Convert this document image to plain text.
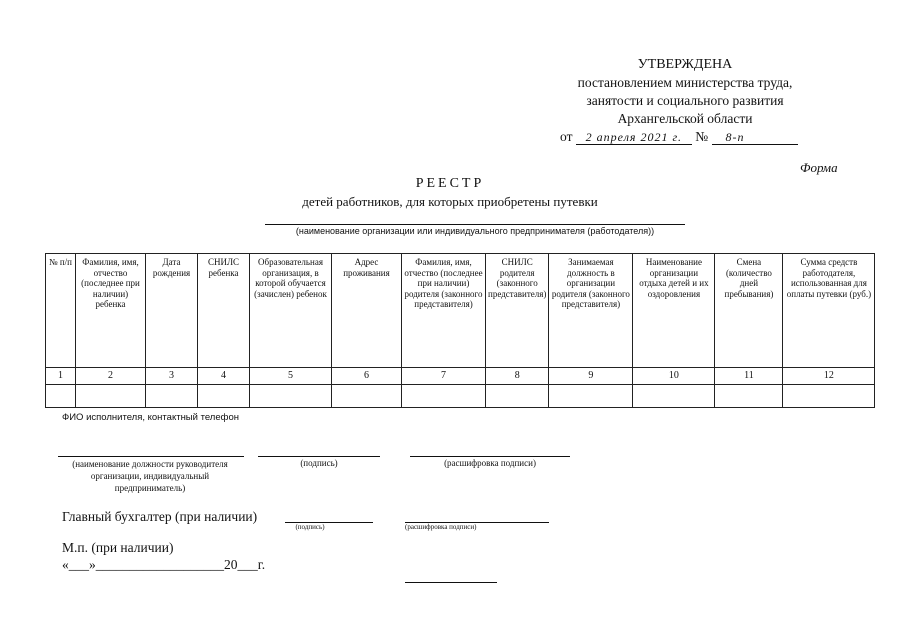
УТВЕРЖДЕНА
постановлением министерства труда,
занятости и социального развития
Архангельской области
от 2 апреля 2021 г. № 8-п
Форма
РЕЕСТР
детей работников, для которых приобретены путевки
(наименование организации или индивидуального предпринимателя (работодателя))
№ п/п	Фамилия, имя, отчество (последнее при наличии) ребенка	Дата рождения	СНИЛС ребенка	Образовательная организация, в которой обучается (зачислен) ребенок	Адрес проживания	Фамилия, имя, отчество (последнее при наличии) родителя (законного представителя)	СНИЛС родителя (законного представителя)	Занимаемая должность в организации родителя (законного представителя)	Наименование организации отдыха детей и их оздоровления	Смена (количество дней пребывания)	Сумма средств работодателя, использованная для оплаты путевки (руб.)
1	2	3	4	5	6	7	8	9	10	11	12

ФИО исполнителя, контактный телефон
(наименование должности руководителя организации, индивидуальный предприниматель)
(подпись)	(расшифровка подписи)
Главный бухгалтер (при наличии)
(подпись)	(расшифровка подписи)
М.п. (при наличии)
«___»___________________20___г.
